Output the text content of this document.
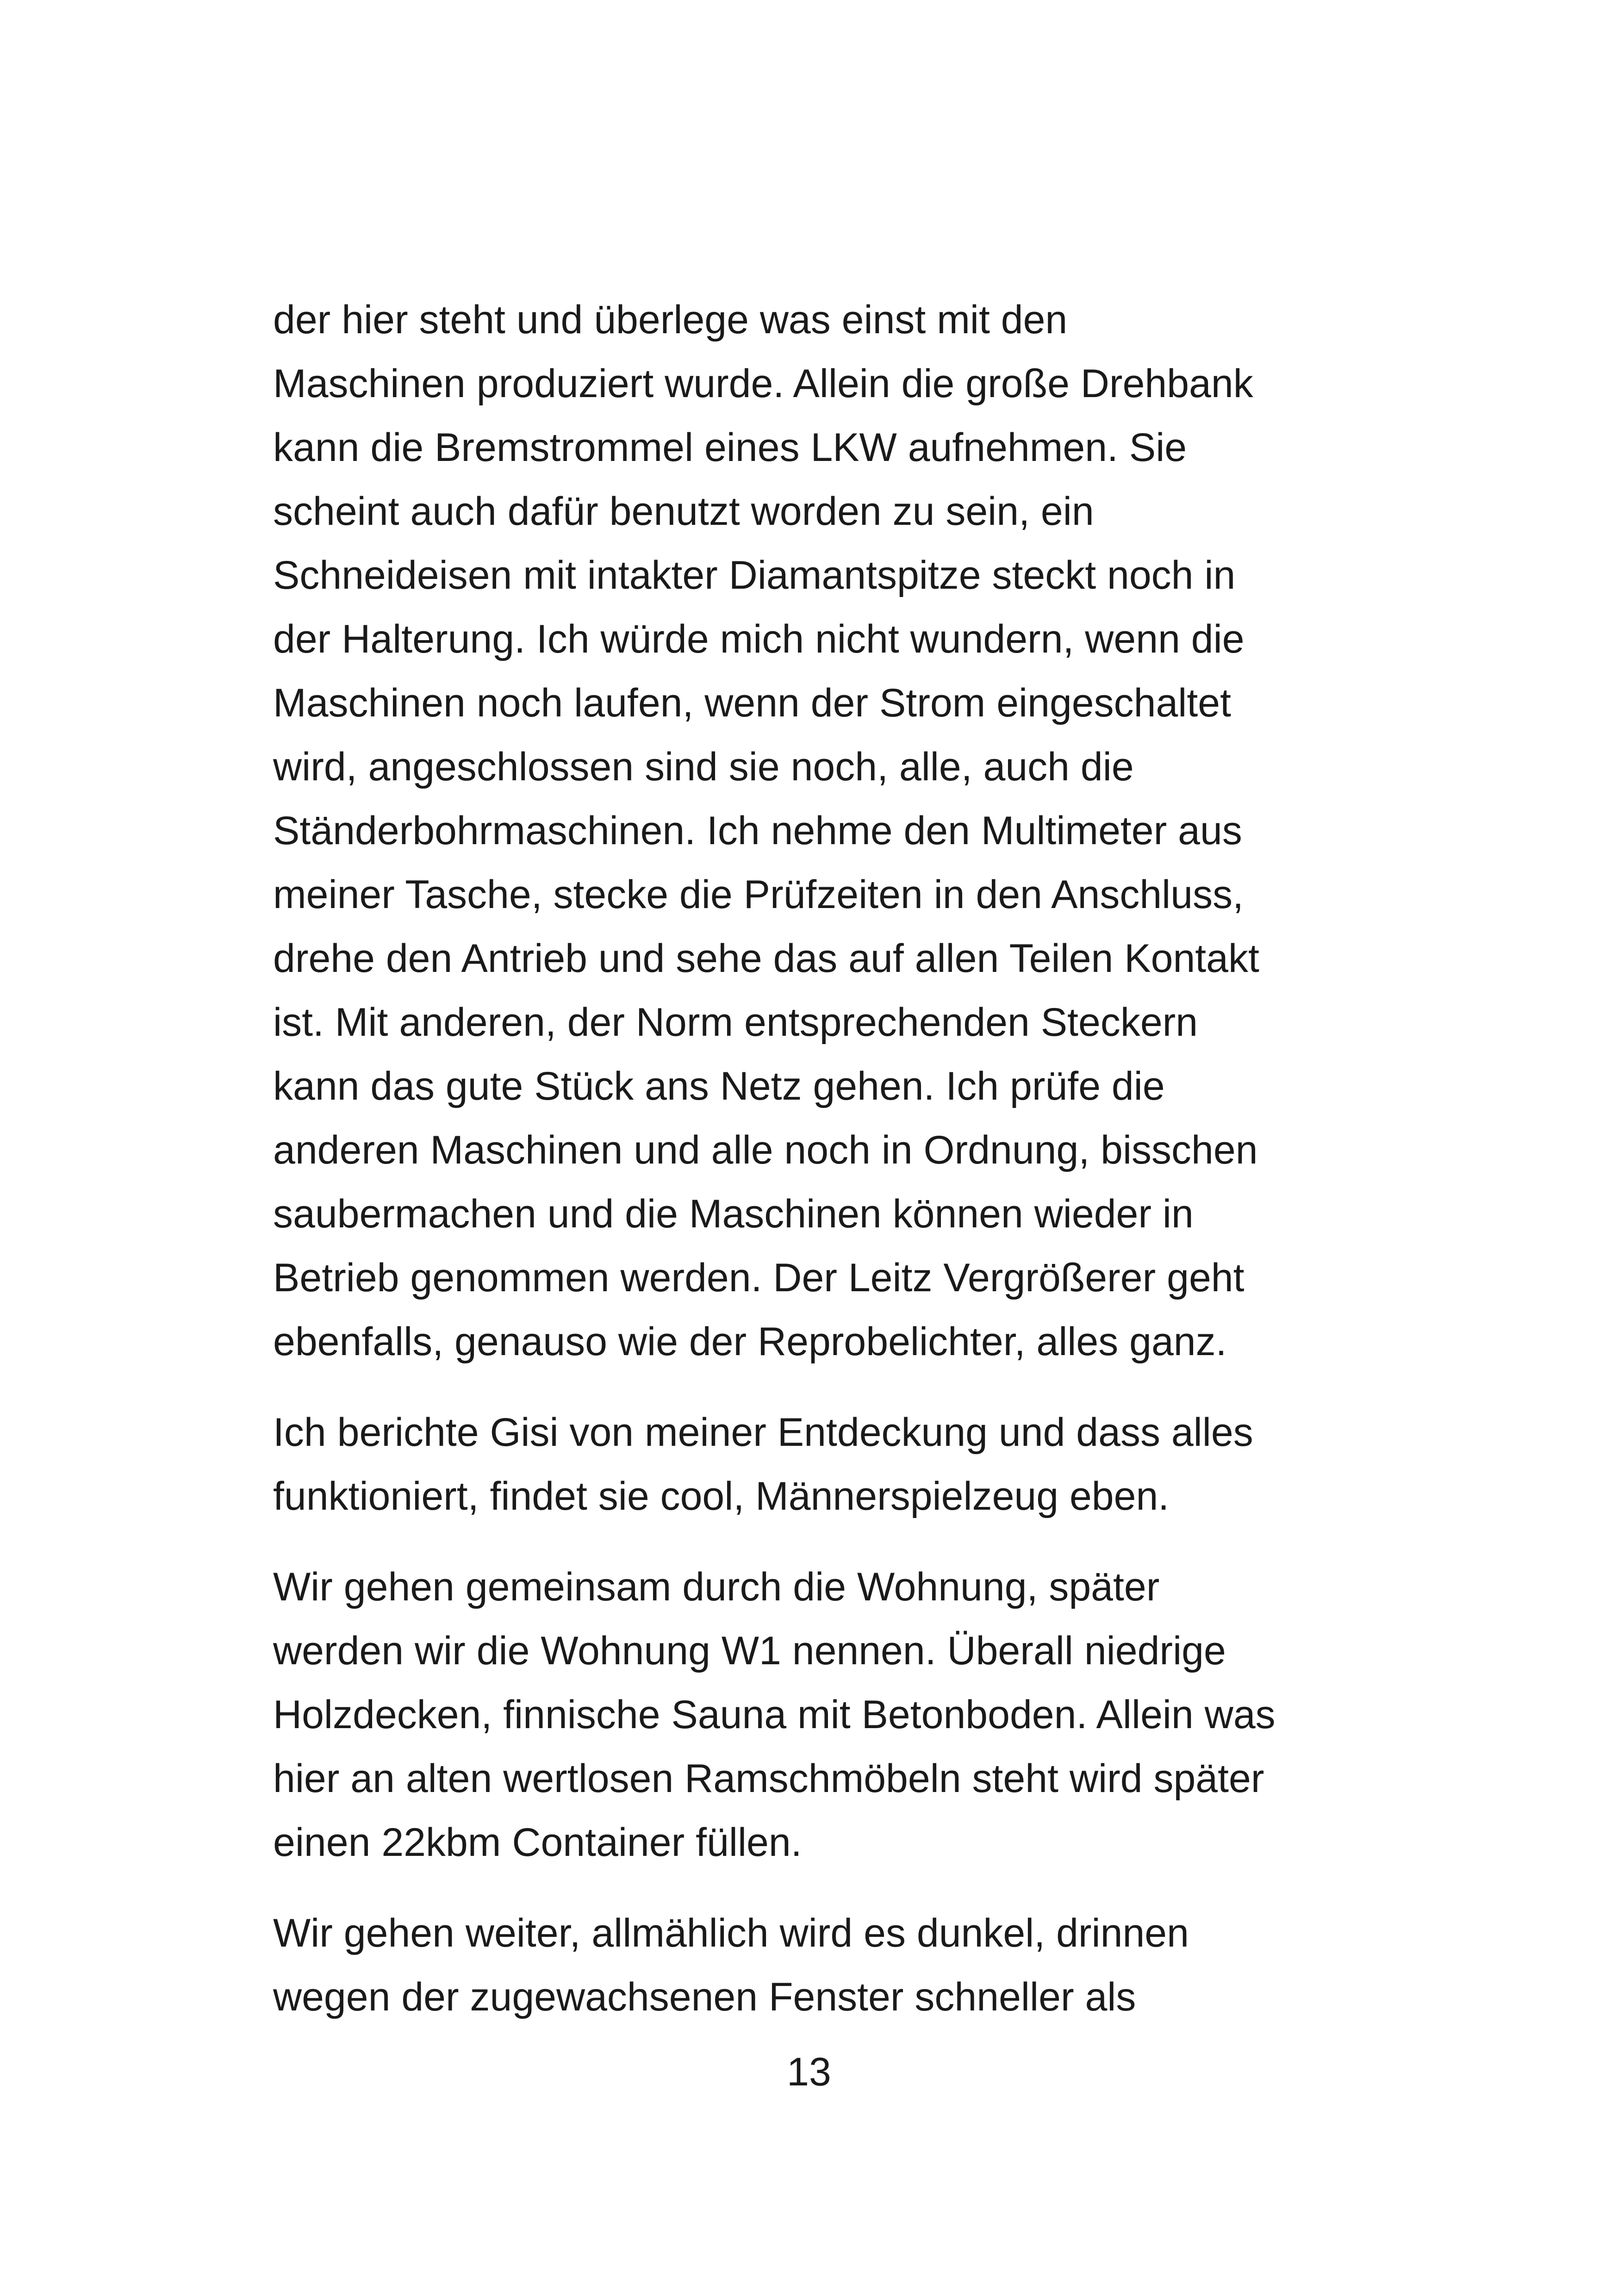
der hier steht und überlege was einst mit den
Maschinen produziert wurde. Allein die große Drehbank
kann die Bremstrommel eines LKW aufnehmen. Sie
scheint auch dafür benutzt worden zu sein, ein
Schneideisen mit intakter Diamantspitze steckt noch in
der Halterung. Ich würde mich nicht wundern, wenn die
Maschinen noch laufen, wenn der Strom eingeschaltet
wird, angeschlossen sind sie noch, alle, auch die
Ständerbohrmaschinen. Ich nehme den Multimeter aus
meiner Tasche, stecke die Prüfzeiten in den Anschluss,
drehe den Antrieb und sehe das auf allen Teilen Kontakt
ist. Mit anderen, der Norm entsprechenden Steckern
kann das gute Stück ans Netz gehen. Ich prüfe die
anderen Maschinen und alle noch in Ordnung, bisschen
saubermachen und die Maschinen können wieder in
Betrieb genommen werden. Der Leitz Vergrößerer geht
ebenfalls, genauso wie der Reprobelichter, alles ganz.

Ich berichte Gisi von meiner Entdeckung und dass alles
funktioniert, findet sie cool, Männerspielzeug eben.

Wir gehen gemeinsam durch die Wohnung, später
werden wir die Wohnung W1 nennen. Überall niedrige
Holzdecken, finnische Sauna mit Betonboden. Allein was
hier an alten wertlosen Ramschmöbeln steht wird später
einen 22kbm Container füllen.

Wir gehen weiter, allmählich wird es dunkel, drinnen
wegen der zugewachsenen Fenster schneller als

13
